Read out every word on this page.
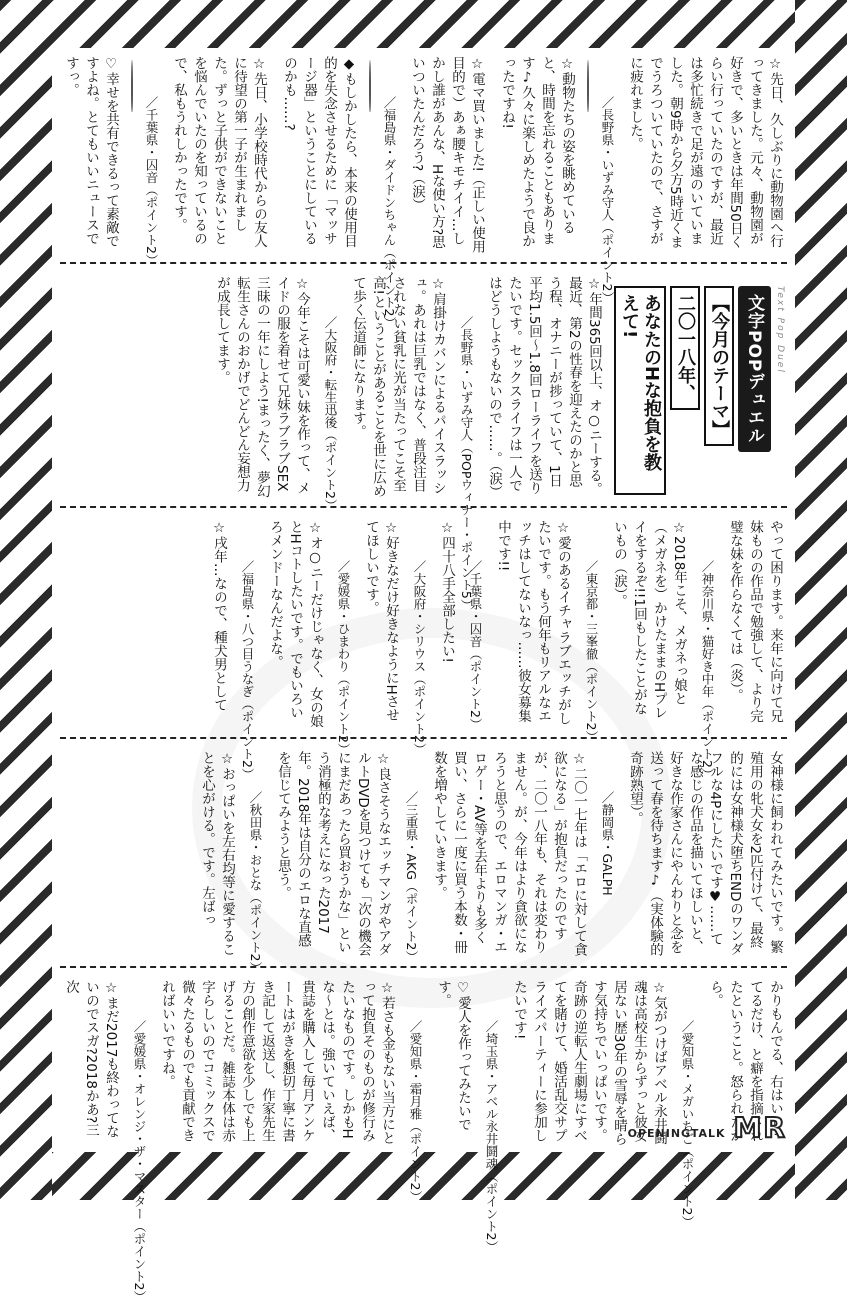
☆先日、久しぶりに動物園へ行ってきました。元々、動物園が好きで、多いときは年間50日くらい行っていたのですが、最近は多忙続きで足が遠のいていました。朝9時から夕方5時近くまでうろついていたので、さすがに疲れました。
／長野県・いずみ守人（ポイント2）
☆動物たちの姿を眺めていると、時間を忘れることもあります♪久々に楽しめたようで良かったですね!
☆電マ買いました!（正しい使用目的で）あぁ腰キモチイイ…しかし誰があんな、Hな使い方?思いついたんだろう?（涙）
／福島県・ダイドンちゃん（ポイント2）
◆もしかしたら、本来の使用目的を失念させるために「マッサージ器」ということにしているのかも……?
☆先日、小学校時代からの友人に待望の第一子が生まれました。ずっと子供ができないことを悩んでいたのを知っているので、私もうれしかったです。
／千葉県・囚音（ポイント2）
♡幸せを共有できるって素敵ですよね。とてもいいニュースですっ。
Text Pop Duel
文字POPデュエル
【今月のテーマ】
二〇一八年、
あなたのHな抱負を教えて!
☆年間365回以上、オ○ニーする。最近、第2の性春を迎えたのかと思う程、オナニーが捗っていて、1日平均1.5回〜1.8回ローライフを送りたいです。セックスライフは一人ではどうしようもないので……。（涙）
／長野県・いずみ守人（POPウィナー・ポイント5）
☆肩掛けカバンによるパイスラッシュ。あれは巨乳ではなく、普段注目されない貧乳に光が当たってこそ至高!ということがあることを世に広めて歩く伝道師になります。
／大阪府・転生迅後（ポイント2）
☆今年こそは可愛い妹を作って、メイドの服を着せて兄妹ラブラブSEX三昧の一年にしよう!まったく、夢幻転生さんのおかげでどんどん妄想力が成長してます。
やって困ります。来年に向けて兄妹ものの作品で勉強して、より完璧な妹を作らなくては（炎）。
／神奈川県・猫好き中年（ポイント2）
☆2018年こそ、メガネっ娘と（メガネを）かけたままのHプレイをするぞ!!1回もしたことがないもの（涙）。
／東京都・三峯徹（ポイント2）
☆愛のあるイチャラブエッチがしたいです。もう何年もリアルなエッチはしてないなっ……彼女募集中です!!
／千葉県・囚音（ポイント2）
☆四十八手全部したい!
／大阪府・シリウス（ポイント2）
☆好きなだけ好きなようにHさせてほしいです。
／愛媛県・ひまわり（ポイント2）
☆オ○ニーだけじゃなく、女の娘とHコトしたいです。でもいろいろメンドーなんだよな。
／福島県・八つ目うなぎ（ポイント2）
☆戌年…なので、種犬男として
女神様に飼われてみたいです。繁殖用の牝犬女を2匹付けて、最終的には女神様犬堕ちENDのワンダフルな4Pにしたいです♥……てな感じの作品を描いてほしいと、好きな作家さんにやんわりと念を送って春を待ちます♪（実体験的奇跡熟望）。
／静岡県・GALPH
☆二〇一七年は「エロに対して貪欲になる」が抱負だったのですが、二〇一八年も、それは変わりません。が、今年はより貪欲になろうと思うので、エロマンガ・エロゲー・AV等を去年よりも多く買い、さらに一度に買う本数・冊数を増やしていきます。
／三重県・AKG（ポイント2）
☆良さそうなエッチマンガやアダルトDVDを見つけても「次の機会にまだあったら買おうかな」という消極的な考えになった2017年。2018年は自分のエロな直感を信じてみようと思う。
／秋田県・おとな（ポイント2）
☆おっぱいを左右均等に愛することを心がける。です。左ばっ
かりもんでる、右はいじってるだけ、と癖を指摘されたということ。怒られたから。
／愛知県・メガいちご（ポイント2）
☆気がつけばアベル永井鬪魂は高校生からずっと彼女居ない歴30年の雪辱を晴らす気持ちでいっぱいです。奇跡の逆転人生劇場にすべてを賭けて、婚活乱交サプライズパーティーに参加したいです!
／埼玉県・アベル永井鬪魂（ポイント2）
♡愛人を作ってみたいです。
／愛知県・霜月雅（ポイント2）
☆若さも金もない当方にとって抱負そのものが修行みたいなものです。しかもHな〜とは。強いていえば、貴誌を購入して毎月アンケートはがきを懇切丁寧に書き記して返送し、作家先生方の創作意欲を少しでも上げることだ。雑誌本体は赤字らしいのでコミックスで微々たるものでも貢献できればいいですね。
／愛媛県・オレンジ・ザ・マスター（ポイント2）
☆まだ2017も終わってないのでスガ?2018かあ?三次
OPENINGTALK MR
